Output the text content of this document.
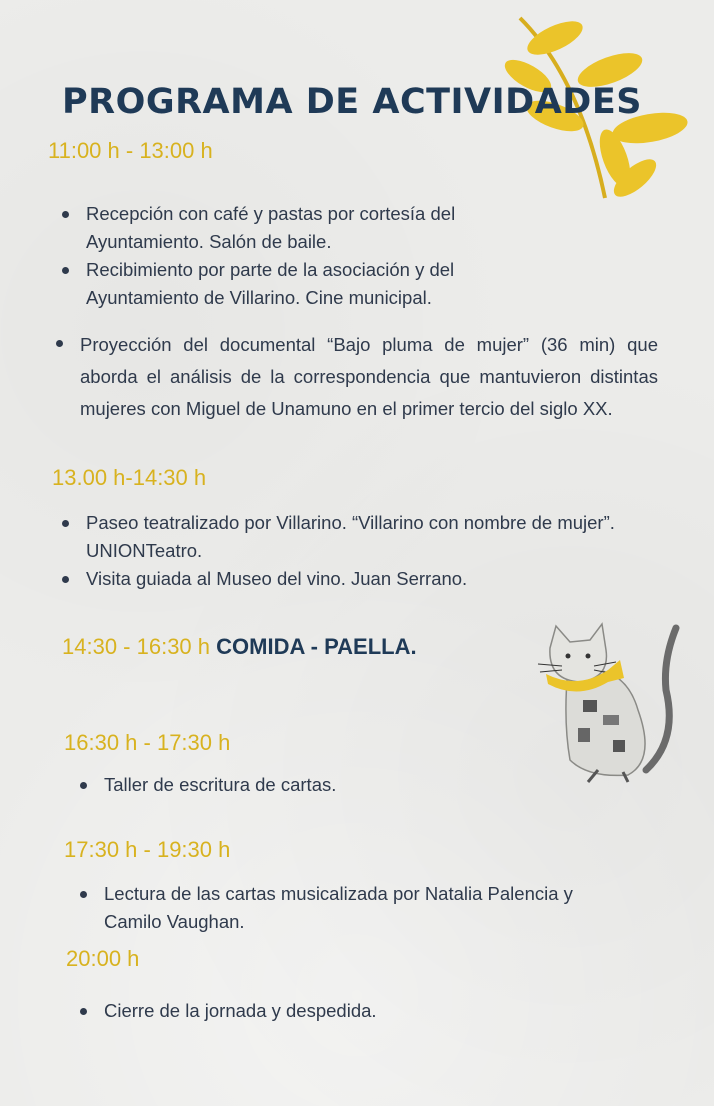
PROGRAMA DE ACTIVIDADES
11:00 h - 13:00 h
Recepción con café y pastas por cortesía del Ayuntamiento. Salón de baile.
Recibimiento por parte de la asociación y del Ayuntamiento de Villarino. Cine municipal.
Proyección del documental “Bajo pluma de mujer” (36 min) que aborda el análisis de la correspondencia que mantuvieron distintas mujeres con Miguel de Unamuno en el primer tercio del siglo XX.
13.00 h-14:30 h
Paseo teatralizado por Villarino. “Villarino con nombre de mujer”. UNIONTeatro.
Visita guiada al Museo del vino. Juan Serrano.
14:30 - 16:30 h COMIDA - PAELLA.
16:30 h - 17:30 h
Taller de escritura de cartas.
17:30 h - 19:30 h
Lectura de las cartas musicalizada por Natalia Palencia y Camilo Vaughan.
20:00 h
Cierre de la jornada y despedida.
